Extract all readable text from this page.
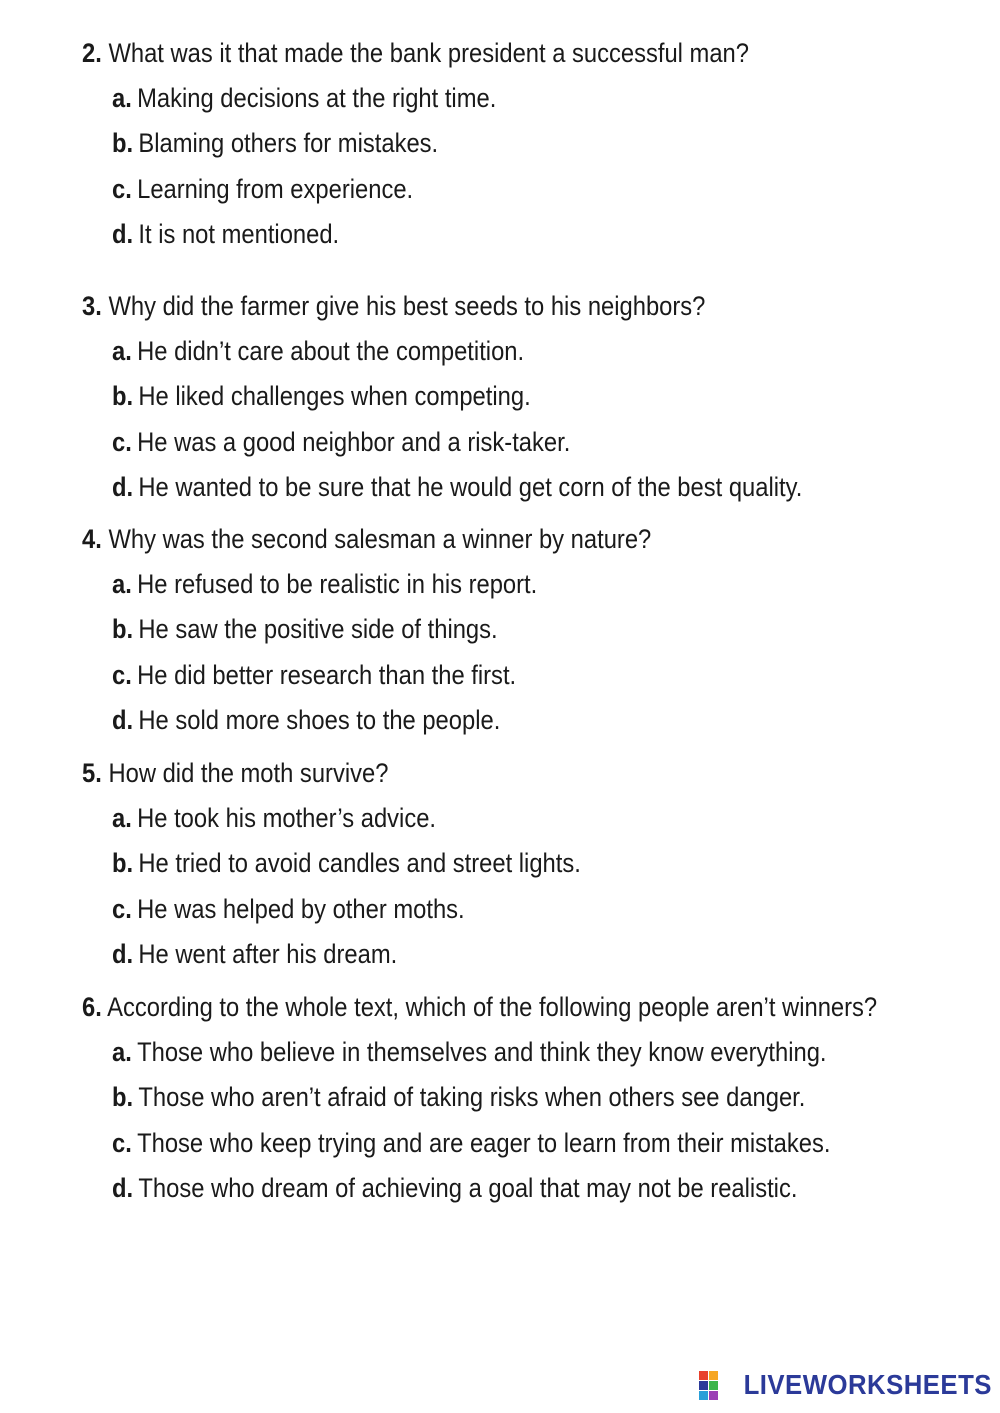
2. What was it that made the bank president a successful man?
a. Making decisions at the right time.
b. Blaming others for mistakes.
c. Learning from experience.
d. It is not mentioned.
3. Why did the farmer give his best seeds to his neighbors?
a. He didn’t care about the competition.
b. He liked challenges when competing.
c. He was a good neighbor and a risk-taker.
d. He wanted to be sure that he would get corn of the best quality.
4. Why was the second salesman a winner by nature?
a. He refused to be realistic in his report.
b. He saw the positive side of things.
c. He did better research than the first.
d. He sold more shoes to the people.
5. How did the moth survive?
a. He took his mother’s advice.
b. He tried to avoid candles and street lights.
c. He was helped by other moths.
d. He went after his dream.
6. According to the whole text, which of the following people aren’t winners?
a. Those who believe in themselves and think they know everything.
b. Those who aren’t afraid of taking risks when others see danger.
c. Those who keep trying and are eager to learn from their mistakes.
d. Those who dream of achieving a goal that may not be realistic.
LIVEWORKSHEETS
